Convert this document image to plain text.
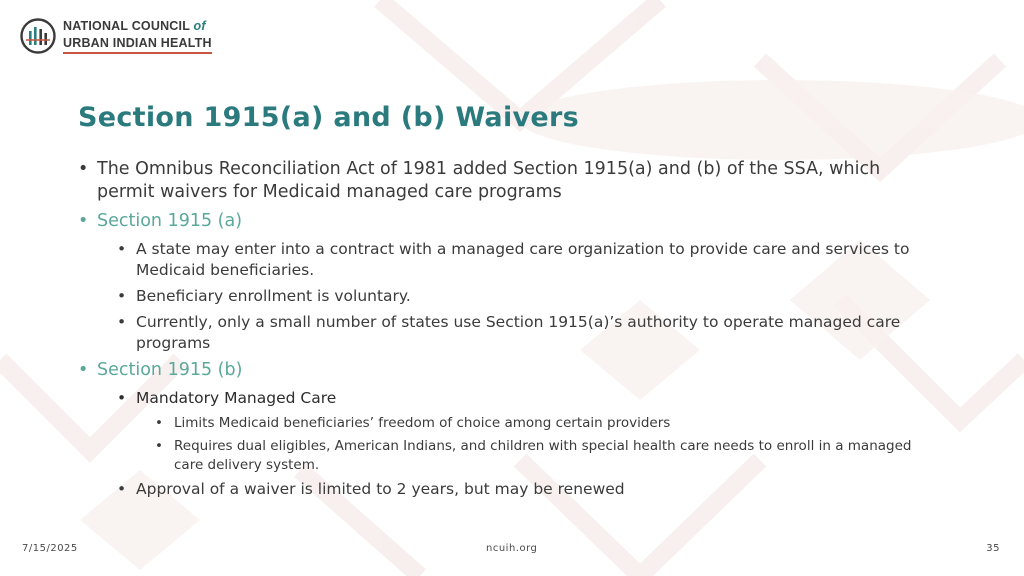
NATIONAL COUNCIL of
URBAN INDIAN HEALTH
Section 1915(a) and (b) Waivers
• The Omnibus Reconciliation Act of 1981 added Section 1915(a) and (b) of the SSA, which permit waivers for Medicaid managed care programs
• Section 1915 (a)
• A state may enter into a contract with a managed care organization to provide care and services to Medicaid beneficiaries.
• Beneficiary enrollment is voluntary.
• Currently, only a small number of states use Section 1915(a)’s authority to operate managed care programs
• Section 1915 (b)
• Mandatory Managed Care
• Limits Medicaid beneficiaries’ freedom of choice among certain providers
• Requires dual eligibles, American Indians, and children with special health care needs to enroll in a managed care delivery system.
• Approval of a waiver is limited to 2 years, but may be renewed
7/15/2025	ncuih.org	35
